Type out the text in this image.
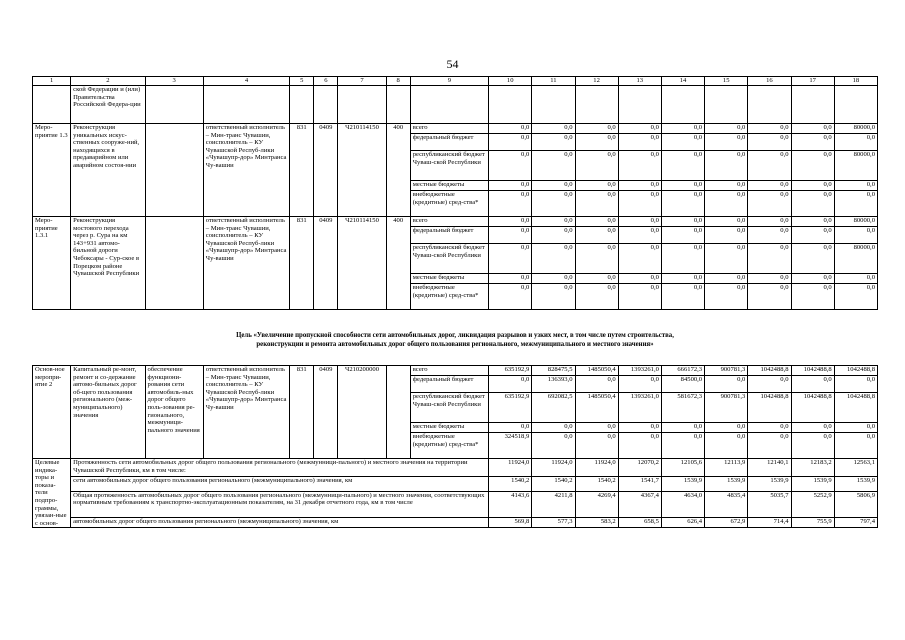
54
1	2	3	4	5	6	7	8	9	10	11	12	13	14	15	16	17	18
	ской Федерации и (или) Правительства Российской Федера-ции																
Меро-приятие 1.3	Реконструкция уникальных искус-ственных сооруже-ний, находящихся в предаварийном или аварийном состоя-нии		ответственный исполнитель – Мин-транс Чувашии, соисполнитель – КУ Чувашской Респуб-лики «Чувашупр-дор» Минтранса Чу-вашии	831	0409	Ч210114150	400	всего	0,0	0,0	0,0	0,0	0,0	0,0	0,0	0,0	80000,0
								федеральный бюджет	0,0	0,0	0,0	0,0	0,0	0,0	0,0	0,0	0,0
								республиканский бюджет Чуваш-ской Республики	0,0	0,0	0,0	0,0	0,0	0,0	0,0	0,0	80000,0
								местные бюджеты	0,0	0,0	0,0	0,0	0,0	0,0	0,0	0,0	0,0
								внебюджетные (кредитные) сред-ства*	0,0	0,0	0,0	0,0	0,0	0,0	0,0	0,0	0,0
Меро-приятие 1.3.1	Реконструкция мостового перехода через р. Сура на км 143+931 автомо-бильной дороги Чебоксары - Сур-ское в Порецком районе Чувашской Республики		ответственный исполнитель – Мин-транс Чувашии, соисполнитель – КУ Чувашской Респуб-лики «Чувашупр-дор» Минтранса Чу-вашии	831	0409	Ч210114150	400	всего	0,0	0,0	0,0	0,0	0,0	0,0	0,0	0,0	80000,0
								федеральный бюджет	0,0	0,0	0,0	0,0	0,0	0,0	0,0	0,0	0,0
								республиканский бюджет Чуваш-ской Республики	0,0	0,0	0,0	0,0	0,0	0,0	0,0	0,0	80000,0
								местные бюджеты	0,0	0,0	0,0	0,0	0,0	0,0	0,0	0,0	0,0
								внебюджетные (кредитные) сред-ства*	0,0	0,0	0,0	0,0	0,0	0,0	0,0	0,0	0,0
Цель «Увеличение пропускной способности сети автомобильных дорог, ликвидация разрывов и узких мест, в том числе путем строительства,
реконструкции и ремонта автомобильных дорог общего пользования регионального, межмуниципального и местного значения»
Основ-ное меропри-ятие 2	Капитальный ре-монт, ремонт и со-держание автомо-бильных дорог об-щего пользования регионального (меж-муниципального) значения	обеспечение функциони-рования сети автомобиль-ных дорог общего поль-зования ре-гионального, межмуници-пального значения	ответственный исполнитель – Мин-транс Чувашии, соисполнитель – КУ Чувашской Респуб-лики «Чувашупр-дор» Минтранса Чу-вашии	831	0409	Ч210200000		всего	635192,9	828475,5	1485050,4	1393261,0	666172,3	900781,3	1042488,8	1042488,8	1042488,8
								федеральный бюджет	0,0	136393,0	0,0	0,0	84500,0	0,0	0,0	0,0	0,0
								республиканский бюджет Чуваш-ской Республики	635192,9	692082,5	1485050,4	1393261,0	581672,3	900781,3	1042488,8	1042488,8	1042488,8
								местные бюджеты	0,0	0,0	0,0	0,0	0,0	0,0	0,0	0,0	0,0
								внебюджетные (кредитные) сред-ства*	324518,9	0,0	0,0	0,0	0,0	0,0	0,0	0,0	0,0
Целевые индика-торы и показа-тели подпро-граммы, увязан-ные с основ-	Протяженность сети автомобильных дорог общего пользования регионального (межмунници-пального) и местного значения на территории Чувашской Республики, км в том числе:								11924,0	11924,0	11924,0	12070,2	12105,6	12113,9	12140,1	12183,2	12563,1
	сети автомобильных дорог общего пользования регионального (межмуниципального) значения, км								1540,2	1540,2	1540,2	1541,7	1539,9	1539,9	1539,9	1539,9	1539,9
	Общая протяженность автомобильных дорог общего пользования регионального (межмунници-пального) и местного значения, соответствующих нормативным требованиям к транспортно-эксплуатационным показателям, на 31 декабря отчетного года, км в том числе								4143,6	4211,8	4269,4	4367,4	4634,0	4835,4	5035,7	5252,9	5806,9
	автомобильных дорог общего пользования регионального (межмуниципального) значения, км								569,8	577,3	583,2	658,5	626,4	672,9	714,4	755,9	797,4
